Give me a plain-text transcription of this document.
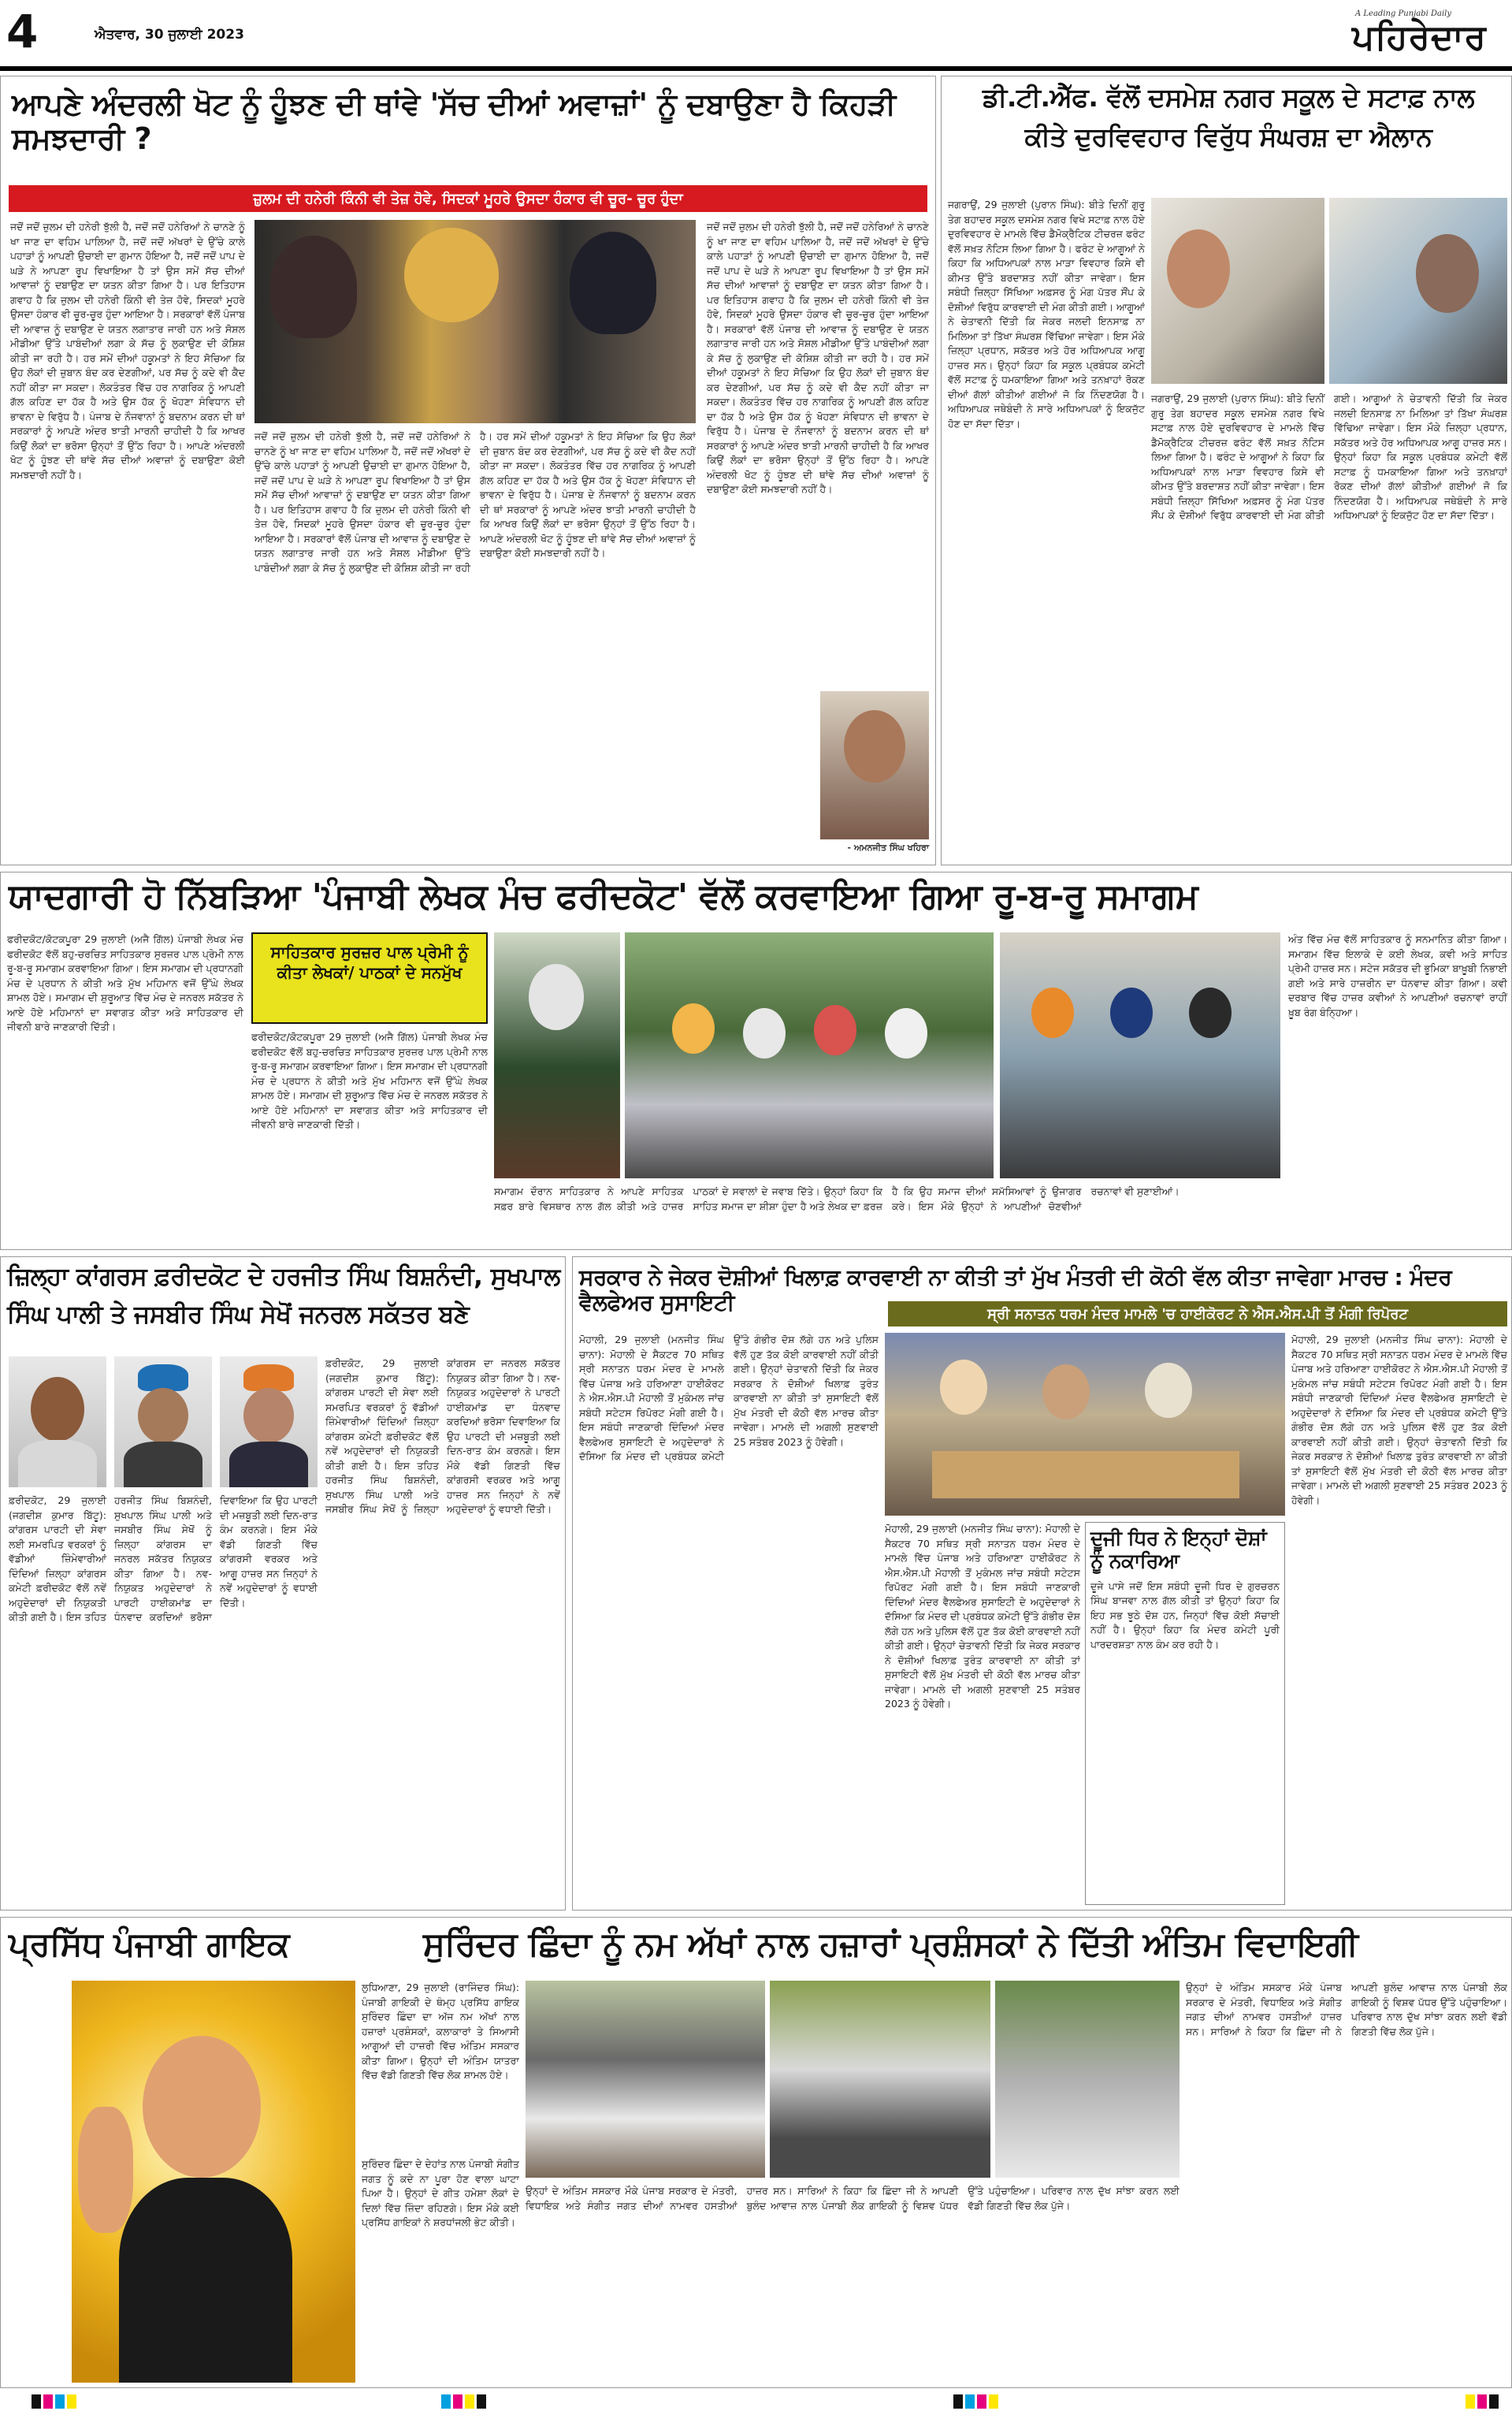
4	ਐਤਵਾਰ, 30 ਜੁਲਾਈ 2023
A Leading Punjabi Daily
ਪਹਿਰੇਦਾਰ
ਆਪਣੇ ਅੰਦਰਲੀ ਖੋਟ ਨੂੰ ਹੂੰਝਣ ਦੀ ਥਾਂਵੇ 'ਸੱਚ ਦੀਆਂ ਅਵਾਜ਼ਾਂ' ਨੂੰ ਦਬਾਉਣਾ ਹੈ ਕਿਹੜੀ ਸਮਝਦਾਰੀ ?
ਜ਼ੁਲਮ ਦੀ ਹਨੇਰੀ ਕਿੰਨੀ ਵੀ ਤੇਜ਼ ਹੋਵੇ, ਸਿਦਕਾਂ ਮੂਹਰੇ ਉਸਦਾ ਹੰਕਾਰ ਵੀ ਚੂਰ- ਚੂਰ ਹੁੰਦਾ
ਜਦੋਂ ਜਦੋਂ ਜ਼ੁਲਮ ਦੀ ਹਨੇਰੀ ਝੁੱਲੀ ਹੈ, ਜਦੋਂ ਜਦੋਂ ਹਨੇਰਿਆਂ ਨੇ ਚਾਨਣੇ ਨੂੰ ਖਾ ਜਾਣ ਦਾ ਵਹਿਮ ਪਾਲਿਆ ਹੈ, ਜਦੋਂ ਜਦੋਂ ਅੱਖਰਾਂ ਦੇ ਉੱਚੇ ਕਾਲੇ ਪਹਾੜਾਂ ਨੂੰ ਆਪਣੀ ਉਚਾਈ ਦਾ ਗੁਮਾਨ ਹੋਇਆ ਹੈ, ਜਦੋਂ ਜਦੋਂ ਪਾਪ ਦੇ ਘੜੇ ਨੇ ਆਪਣਾ ਰੂਪ ਵਿਖਾਇਆ ਹੈ ਤਾਂ ਉਸ ਸਮੇਂ ਸੱਚ ਦੀਆਂ ਆਵਾਜ਼ਾਂ ਨੂੰ ਦਬਾਉਣ ਦਾ ਯਤਨ ਕੀਤਾ ਗਿਆ ਹੈ। ਪਰ ਇਤਿਹਾਸ ਗਵਾਹ ਹੈ ਕਿ ਜ਼ੁਲਮ ਦੀ ਹਨੇਰੀ ਕਿੰਨੀ ਵੀ ਤੇਜ਼ ਹੋਵੇ, ਸਿਦਕਾਂ ਮੂਹਰੇ ਉਸਦਾ ਹੰਕਾਰ ਵੀ ਚੂਰ-ਚੂਰ ਹੁੰਦਾ ਆਇਆ ਹੈ। ਸਰਕਾਰਾਂ ਵੱਲੋਂ ਪੰਜਾਬ ਦੀ ਆਵਾਜ਼ ਨੂੰ ਦਬਾਉਣ ਦੇ ਯਤਨ ਲਗਾਤਾਰ ਜਾਰੀ ਹਨ ਅਤੇ ਸੋਸ਼ਲ ਮੀਡੀਆ ਉੱਤੇ ਪਾਬੰਦੀਆਂ ਲਗਾ ਕੇ ਸੱਚ ਨੂੰ ਲੁਕਾਉਣ ਦੀ ਕੋਸ਼ਿਸ਼ ਕੀਤੀ ਜਾ ਰਹੀ ਹੈ। ਹਰ ਸਮੇਂ ਦੀਆਂ ਹਕੂਮਤਾਂ ਨੇ ਇਹ ਸੋਚਿਆ ਕਿ ਉਹ ਲੋਕਾਂ ਦੀ ਜ਼ੁਬਾਨ ਬੰਦ ਕਰ ਦੇਣਗੀਆਂ, ਪਰ ਸੱਚ ਨੂੰ ਕਦੇ ਵੀ ਕੈਦ ਨਹੀਂ ਕੀਤਾ ਜਾ ਸਕਦਾ। ਲੋਕਤੰਤਰ ਵਿੱਚ ਹਰ ਨਾਗਰਿਕ ਨੂੰ ਆਪਣੀ ਗੱਲ ਕਹਿਣ ਦਾ ਹੱਕ ਹੈ ਅਤੇ ਉਸ ਹੱਕ ਨੂੰ ਖੋਹਣਾ ਸੰਵਿਧਾਨ ਦੀ ਭਾਵਨਾ ਦੇ ਵਿਰੁੱਧ ਹੈ। ਪੰਜਾਬ ਦੇ ਨੌਜਵਾਨਾਂ ਨੂੰ ਬਦਨਾਮ ਕਰਨ ਦੀ ਥਾਂ ਸਰਕਾਰਾਂ ਨੂੰ ਆਪਣੇ ਅੰਦਰ ਝਾਤੀ ਮਾਰਨੀ ਚਾਹੀਦੀ ਹੈ ਕਿ ਆਖਰ ਕਿਉਂ ਲੋਕਾਂ ਦਾ ਭਰੋਸਾ ਉਨ੍ਹਾਂ ਤੋਂ ਉੱਠ ਰਿਹਾ ਹੈ। ਆਪਣੇ ਅੰਦਰਲੀ ਖੋਟ ਨੂੰ ਹੂੰਝਣ ਦੀ ਥਾਂਵੇ ਸੱਚ ਦੀਆਂ ਅਵਾਜ਼ਾਂ ਨੂੰ ਦਬਾਉਣਾ ਕੋਈ ਸਮਝਦਾਰੀ ਨਹੀਂ ਹੈ।
ਜਦੋਂ ਜਦੋਂ ਜ਼ੁਲਮ ਦੀ ਹਨੇਰੀ ਝੁੱਲੀ ਹੈ, ਜਦੋਂ ਜਦੋਂ ਹਨੇਰਿਆਂ ਨੇ ਚਾਨਣੇ ਨੂੰ ਖਾ ਜਾਣ ਦਾ ਵਹਿਮ ਪਾਲਿਆ ਹੈ, ਜਦੋਂ ਜਦੋਂ ਅੱਖਰਾਂ ਦੇ ਉੱਚੇ ਕਾਲੇ ਪਹਾੜਾਂ ਨੂੰ ਆਪਣੀ ਉਚਾਈ ਦਾ ਗੁਮਾਨ ਹੋਇਆ ਹੈ, ਜਦੋਂ ਜਦੋਂ ਪਾਪ ਦੇ ਘੜੇ ਨੇ ਆਪਣਾ ਰੂਪ ਵਿਖਾਇਆ ਹੈ ਤਾਂ ਉਸ ਸਮੇਂ ਸੱਚ ਦੀਆਂ ਆਵਾਜ਼ਾਂ ਨੂੰ ਦਬਾਉਣ ਦਾ ਯਤਨ ਕੀਤਾ ਗਿਆ ਹੈ। ਪਰ ਇਤਿਹਾਸ ਗਵਾਹ ਹੈ ਕਿ ਜ਼ੁਲਮ ਦੀ ਹਨੇਰੀ ਕਿੰਨੀ ਵੀ ਤੇਜ਼ ਹੋਵੇ, ਸਿਦਕਾਂ ਮੂਹਰੇ ਉਸਦਾ ਹੰਕਾਰ ਵੀ ਚੂਰ-ਚੂਰ ਹੁੰਦਾ ਆਇਆ ਹੈ। ਸਰਕਾਰਾਂ ਵੱਲੋਂ ਪੰਜਾਬ ਦੀ ਆਵਾਜ਼ ਨੂੰ ਦਬਾਉਣ ਦੇ ਯਤਨ ਲਗਾਤਾਰ ਜਾਰੀ ਹਨ ਅਤੇ ਸੋਸ਼ਲ ਮੀਡੀਆ ਉੱਤੇ ਪਾਬੰਦੀਆਂ ਲਗਾ ਕੇ ਸੱਚ ਨੂੰ ਲੁਕਾਉਣ ਦੀ ਕੋਸ਼ਿਸ਼ ਕੀਤੀ ਜਾ ਰਹੀ ਹੈ। ਹਰ ਸਮੇਂ ਦੀਆਂ ਹਕੂਮਤਾਂ ਨੇ ਇਹ ਸੋਚਿਆ ਕਿ ਉਹ ਲੋਕਾਂ ਦੀ ਜ਼ੁਬਾਨ ਬੰਦ ਕਰ ਦੇਣਗੀਆਂ, ਪਰ ਸੱਚ ਨੂੰ ਕਦੇ ਵੀ ਕੈਦ ਨਹੀਂ ਕੀਤਾ ਜਾ ਸਕਦਾ। ਲੋਕਤੰਤਰ ਵਿੱਚ ਹਰ ਨਾਗਰਿਕ ਨੂੰ ਆਪਣੀ ਗੱਲ ਕਹਿਣ ਦਾ ਹੱਕ ਹੈ ਅਤੇ ਉਸ ਹੱਕ ਨੂੰ ਖੋਹਣਾ ਸੰਵਿਧਾਨ ਦੀ ਭਾਵਨਾ ਦੇ ਵਿਰੁੱਧ ਹੈ। ਪੰਜਾਬ ਦੇ ਨੌਜਵਾਨਾਂ ਨੂੰ ਬਦਨਾਮ ਕਰਨ ਦੀ ਥਾਂ ਸਰਕਾਰਾਂ ਨੂੰ ਆਪਣੇ ਅੰਦਰ ਝਾਤੀ ਮਾਰਨੀ ਚਾਹੀਦੀ ਹੈ ਕਿ ਆਖਰ ਕਿਉਂ ਲੋਕਾਂ ਦਾ ਭਰੋਸਾ ਉਨ੍ਹਾਂ ਤੋਂ ਉੱਠ ਰਿਹਾ ਹੈ। ਆਪਣੇ ਅੰਦਰਲੀ ਖੋਟ ਨੂੰ ਹੂੰਝਣ ਦੀ ਥਾਂਵੇ ਸੱਚ ਦੀਆਂ ਅਵਾਜ਼ਾਂ ਨੂੰ ਦਬਾਉਣਾ ਕੋਈ ਸਮਝਦਾਰੀ ਨਹੀਂ ਹੈ।
ਜਦੋਂ ਜਦੋਂ ਜ਼ੁਲਮ ਦੀ ਹਨੇਰੀ ਝੁੱਲੀ ਹੈ, ਜਦੋਂ ਜਦੋਂ ਹਨੇਰਿਆਂ ਨੇ ਚਾਨਣੇ ਨੂੰ ਖਾ ਜਾਣ ਦਾ ਵਹਿਮ ਪਾਲਿਆ ਹੈ, ਜਦੋਂ ਜਦੋਂ ਅੱਖਰਾਂ ਦੇ ਉੱਚੇ ਕਾਲੇ ਪਹਾੜਾਂ ਨੂੰ ਆਪਣੀ ਉਚਾਈ ਦਾ ਗੁਮਾਨ ਹੋਇਆ ਹੈ, ਜਦੋਂ ਜਦੋਂ ਪਾਪ ਦੇ ਘੜੇ ਨੇ ਆਪਣਾ ਰੂਪ ਵਿਖਾਇਆ ਹੈ ਤਾਂ ਉਸ ਸਮੇਂ ਸੱਚ ਦੀਆਂ ਆਵਾਜ਼ਾਂ ਨੂੰ ਦਬਾਉਣ ਦਾ ਯਤਨ ਕੀਤਾ ਗਿਆ ਹੈ। ਪਰ ਇਤਿਹਾਸ ਗਵਾਹ ਹੈ ਕਿ ਜ਼ੁਲਮ ਦੀ ਹਨੇਰੀ ਕਿੰਨੀ ਵੀ ਤੇਜ਼ ਹੋਵੇ, ਸਿਦਕਾਂ ਮੂਹਰੇ ਉਸਦਾ ਹੰਕਾਰ ਵੀ ਚੂਰ-ਚੂਰ ਹੁੰਦਾ ਆਇਆ ਹੈ। ਸਰਕਾਰਾਂ ਵੱਲੋਂ ਪੰਜਾਬ ਦੀ ਆਵਾਜ਼ ਨੂੰ ਦਬਾਉਣ ਦੇ ਯਤਨ ਲਗਾਤਾਰ ਜਾਰੀ ਹਨ ਅਤੇ ਸੋਸ਼ਲ ਮੀਡੀਆ ਉੱਤੇ ਪਾਬੰਦੀਆਂ ਲਗਾ ਕੇ ਸੱਚ ਨੂੰ ਲੁਕਾਉਣ ਦੀ ਕੋਸ਼ਿਸ਼ ਕੀਤੀ ਜਾ ਰਹੀ ਹੈ। ਹਰ ਸਮੇਂ ਦੀਆਂ ਹਕੂਮਤਾਂ ਨੇ ਇਹ ਸੋਚਿਆ ਕਿ ਉਹ ਲੋਕਾਂ ਦੀ ਜ਼ੁਬਾਨ ਬੰਦ ਕਰ ਦੇਣਗੀਆਂ, ਪਰ ਸੱਚ ਨੂੰ ਕਦੇ ਵੀ ਕੈਦ ਨਹੀਂ ਕੀਤਾ ਜਾ ਸਕਦਾ। ਲੋਕਤੰਤਰ ਵਿੱਚ ਹਰ ਨਾਗਰਿਕ ਨੂੰ ਆਪਣੀ ਗੱਲ ਕਹਿਣ ਦਾ ਹੱਕ ਹੈ ਅਤੇ ਉਸ ਹੱਕ ਨੂੰ ਖੋਹਣਾ ਸੰਵਿਧਾਨ ਦੀ ਭਾਵਨਾ ਦੇ ਵਿਰੁੱਧ ਹੈ। ਪੰਜਾਬ ਦੇ ਨੌਜਵਾਨਾਂ ਨੂੰ ਬਦਨਾਮ ਕਰਨ ਦੀ ਥਾਂ ਸਰਕਾਰਾਂ ਨੂੰ ਆਪਣੇ ਅੰਦਰ ਝਾਤੀ ਮਾਰਨੀ ਚਾਹੀਦੀ ਹੈ ਕਿ ਆਖਰ ਕਿਉਂ ਲੋਕਾਂ ਦਾ ਭਰੋਸਾ ਉਨ੍ਹਾਂ ਤੋਂ ਉੱਠ ਰਿਹਾ ਹੈ। ਆਪਣੇ ਅੰਦਰਲੀ ਖੋਟ ਨੂੰ ਹੂੰਝਣ ਦੀ ਥਾਂਵੇ ਸੱਚ ਦੀਆਂ ਅਵਾਜ਼ਾਂ ਨੂੰ ਦਬਾਉਣਾ ਕੋਈ ਸਮਝਦਾਰੀ ਨਹੀਂ ਹੈ।
- ਅਮਨਜੀਤ ਸਿੰਘ ਖਹਿਰਾ
ਡੀ.ਟੀ.ਐੱਫ. ਵੱਲੋਂ ਦਸਮੇਸ਼ ਨਗਰ ਸਕੂਲ ਦੇ ਸਟਾਫ਼ ਨਾਲ
ਕੀਤੇ ਦੁਰਵਿਵਹਾਰ ਵਿਰੁੱਧ ਸੰਘਰਸ਼ ਦਾ ਐਲਾਨ
ਜਗਰਾਉਂ, 29 ਜੁਲਾਈ (ਪੁਰਾਨ ਸਿੰਘ): ਬੀਤੇ ਦਿਨੀਂ ਗੁਰੂ ਤੇਗ ਬਹਾਦਰ ਸਕੂਲ ਦਸਮੇਸ਼ ਨਗਰ ਵਿਖੇ ਸਟਾਫ਼ ਨਾਲ ਹੋਏ ਦੁਰਵਿਵਹਾਰ ਦੇ ਮਾਮਲੇ ਵਿੱਚ ਡੈਮੋਕ੍ਰੈਟਿਕ ਟੀਚਰਜ਼ ਫਰੰਟ ਵੱਲੋਂ ਸਖ਼ਤ ਨੋਟਿਸ ਲਿਆ ਗਿਆ ਹੈ। ਫਰੰਟ ਦੇ ਆਗੂਆਂ ਨੇ ਕਿਹਾ ਕਿ ਅਧਿਆਪਕਾਂ ਨਾਲ ਮਾੜਾ ਵਿਵਹਾਰ ਕਿਸੇ ਵੀ ਕੀਮਤ ਉੱਤੇ ਬਰਦਾਸ਼ਤ ਨਹੀਂ ਕੀਤਾ ਜਾਵੇਗਾ। ਇਸ ਸਬੰਧੀ ਜ਼ਿਲ੍ਹਾ ਸਿੱਖਿਆ ਅਫ਼ਸਰ ਨੂੰ ਮੰਗ ਪੱਤਰ ਸੌਂਪ ਕੇ ਦੋਸ਼ੀਆਂ ਵਿਰੁੱਧ ਕਾਰਵਾਈ ਦੀ ਮੰਗ ਕੀਤੀ ਗਈ। ਆਗੂਆਂ ਨੇ ਚੇਤਾਵਨੀ ਦਿੱਤੀ ਕਿ ਜੇਕਰ ਜਲਦੀ ਇਨਸਾਫ਼ ਨਾ ਮਿਲਿਆ ਤਾਂ ਤਿੱਖਾ ਸੰਘਰਸ਼ ਵਿੱਢਿਆ ਜਾਵੇਗਾ। ਇਸ ਮੌਕੇ ਜ਼ਿਲ੍ਹਾ ਪ੍ਰਧਾਨ, ਸਕੱਤਰ ਅਤੇ ਹੋਰ ਅਧਿਆਪਕ ਆਗੂ ਹਾਜ਼ਰ ਸਨ। ਉਨ੍ਹਾਂ ਕਿਹਾ ਕਿ ਸਕੂਲ ਪ੍ਰਬੰਧਕ ਕਮੇਟੀ ਵੱਲੋਂ ਸਟਾਫ਼ ਨੂੰ ਧਮਕਾਇਆ ਗਿਆ ਅਤੇ ਤਨਖ਼ਾਹਾਂ ਰੋਕਣ ਦੀਆਂ ਗੱਲਾਂ ਕੀਤੀਆਂ ਗਈਆਂ ਜੋ ਕਿ ਨਿੰਦਣਯੋਗ ਹੈ। ਅਧਿਆਪਕ ਜਥੇਬੰਦੀ ਨੇ ਸਾਰੇ ਅਧਿਆਪਕਾਂ ਨੂੰ ਇਕਜੁੱਟ ਹੋਣ ਦਾ ਸੱਦਾ ਦਿੱਤਾ।
ਜਗਰਾਉਂ, 29 ਜੁਲਾਈ (ਪੁਰਾਨ ਸਿੰਘ): ਬੀਤੇ ਦਿਨੀਂ ਗੁਰੂ ਤੇਗ ਬਹਾਦਰ ਸਕੂਲ ਦਸਮੇਸ਼ ਨਗਰ ਵਿਖੇ ਸਟਾਫ਼ ਨਾਲ ਹੋਏ ਦੁਰਵਿਵਹਾਰ ਦੇ ਮਾਮਲੇ ਵਿੱਚ ਡੈਮੋਕ੍ਰੈਟਿਕ ਟੀਚਰਜ਼ ਫਰੰਟ ਵੱਲੋਂ ਸਖ਼ਤ ਨੋਟਿਸ ਲਿਆ ਗਿਆ ਹੈ। ਫਰੰਟ ਦੇ ਆਗੂਆਂ ਨੇ ਕਿਹਾ ਕਿ ਅਧਿਆਪਕਾਂ ਨਾਲ ਮਾੜਾ ਵਿਵਹਾਰ ਕਿਸੇ ਵੀ ਕੀਮਤ ਉੱਤੇ ਬਰਦਾਸ਼ਤ ਨਹੀਂ ਕੀਤਾ ਜਾਵੇਗਾ। ਇਸ ਸਬੰਧੀ ਜ਼ਿਲ੍ਹਾ ਸਿੱਖਿਆ ਅਫ਼ਸਰ ਨੂੰ ਮੰਗ ਪੱਤਰ ਸੌਂਪ ਕੇ ਦੋਸ਼ੀਆਂ ਵਿਰੁੱਧ ਕਾਰਵਾਈ ਦੀ ਮੰਗ ਕੀਤੀ ਗਈ। ਆਗੂਆਂ ਨੇ ਚੇਤਾਵਨੀ ਦਿੱਤੀ ਕਿ ਜੇਕਰ ਜਲਦੀ ਇਨਸਾਫ਼ ਨਾ ਮਿਲਿਆ ਤਾਂ ਤਿੱਖਾ ਸੰਘਰਸ਼ ਵਿੱਢਿਆ ਜਾਵੇਗਾ। ਇਸ ਮੌਕੇ ਜ਼ਿਲ੍ਹਾ ਪ੍ਰਧਾਨ, ਸਕੱਤਰ ਅਤੇ ਹੋਰ ਅਧਿਆਪਕ ਆਗੂ ਹਾਜ਼ਰ ਸਨ। ਉਨ੍ਹਾਂ ਕਿਹਾ ਕਿ ਸਕੂਲ ਪ੍ਰਬੰਧਕ ਕਮੇਟੀ ਵੱਲੋਂ ਸਟਾਫ਼ ਨੂੰ ਧਮਕਾਇਆ ਗਿਆ ਅਤੇ ਤਨਖ਼ਾਹਾਂ ਰੋਕਣ ਦੀਆਂ ਗੱਲਾਂ ਕੀਤੀਆਂ ਗਈਆਂ ਜੋ ਕਿ ਨਿੰਦਣਯੋਗ ਹੈ। ਅਧਿਆਪਕ ਜਥੇਬੰਦੀ ਨੇ ਸਾਰੇ ਅਧਿਆਪਕਾਂ ਨੂੰ ਇਕਜੁੱਟ ਹੋਣ ਦਾ ਸੱਦਾ ਦਿੱਤਾ।
ਯਾਦਗਾਰੀ ਹੋ ਨਿੱਬੜਿਆ 'ਪੰਜਾਬੀ ਲੇਖਕ ਮੰਚ ਫਰੀਦਕੋਟ' ਵੱਲੋਂ ਕਰਵਾਇਆ ਗਿਆ ਰੂ-ਬ-ਰੂ ਸਮਾਗਮ
ਫਰੀਦਕੋਟ/ਕੋਟਕਪੂਰਾ 29 ਜੁਲਾਈ (ਅਜੈ ਗਿੱਲ) ਪੰਜਾਬੀ ਲੇਖਕ ਮੰਚ ਫਰੀਦਕੋਟ ਵੱਲੋਂ ਬਹੁ-ਚਰਚਿਤ ਸਾਹਿਤਕਾਰ ਸੁਰਜ਼ਰ ਪਾਲ ਪ੍ਰੇਮੀ ਨਾਲ ਰੂ-ਬ-ਰੂ ਸਮਾਗਮ ਕਰਵਾਇਆ ਗਿਆ। ਇਸ ਸਮਾਗਮ ਦੀ ਪ੍ਰਧਾਨਗੀ ਮੰਚ ਦੇ ਪ੍ਰਧਾਨ ਨੇ ਕੀਤੀ ਅਤੇ ਮੁੱਖ ਮਹਿਮਾਨ ਵਜੋਂ ਉੱਘੇ ਲੇਖਕ ਸ਼ਾਮਲ ਹੋਏ। ਸਮਾਗਮ ਦੀ ਸ਼ੁਰੂਆਤ ਵਿੱਚ ਮੰਚ ਦੇ ਜਨਰਲ ਸਕੱਤਰ ਨੇ ਆਏ ਹੋਏ ਮਹਿਮਾਨਾਂ ਦਾ ਸਵਾਗਤ ਕੀਤਾ ਅਤੇ ਸਾਹਿਤਕਾਰ ਦੀ ਜੀਵਨੀ ਬਾਰੇ ਜਾਣਕਾਰੀ ਦਿੱਤੀ।
ਸਾਹਿਤਕਾਰ ਸੁਰਜ਼ਰ ਪਾਲ ਪ੍ਰੇਮੀ ਨੂੰ ਕੀਤਾ ਲੇਖਕਾਂ/ ਪਾਠਕਾਂ ਦੇ ਸਨਮੁੱਖ
ਫਰੀਦਕੋਟ/ਕੋਟਕਪੂਰਾ 29 ਜੁਲਾਈ (ਅਜੈ ਗਿੱਲ) ਪੰਜਾਬੀ ਲੇਖਕ ਮੰਚ ਫਰੀਦਕੋਟ ਵੱਲੋਂ ਬਹੁ-ਚਰਚਿਤ ਸਾਹਿਤਕਾਰ ਸੁਰਜ਼ਰ ਪਾਲ ਪ੍ਰੇਮੀ ਨਾਲ ਰੂ-ਬ-ਰੂ ਸਮਾਗਮ ਕਰਵਾਇਆ ਗਿਆ। ਇਸ ਸਮਾਗਮ ਦੀ ਪ੍ਰਧਾਨਗੀ ਮੰਚ ਦੇ ਪ੍ਰਧਾਨ ਨੇ ਕੀਤੀ ਅਤੇ ਮੁੱਖ ਮਹਿਮਾਨ ਵਜੋਂ ਉੱਘੇ ਲੇਖਕ ਸ਼ਾਮਲ ਹੋਏ। ਸਮਾਗਮ ਦੀ ਸ਼ੁਰੂਆਤ ਵਿੱਚ ਮੰਚ ਦੇ ਜਨਰਲ ਸਕੱਤਰ ਨੇ ਆਏ ਹੋਏ ਮਹਿਮਾਨਾਂ ਦਾ ਸਵਾਗਤ ਕੀਤਾ ਅਤੇ ਸਾਹਿਤਕਾਰ ਦੀ ਜੀਵਨੀ ਬਾਰੇ ਜਾਣਕਾਰੀ ਦਿੱਤੀ।
ਸਮਾਗਮ ਦੌਰਾਨ ਸਾਹਿਤਕਾਰ ਨੇ ਆਪਣੇ ਸਾਹਿਤਕ ਸਫ਼ਰ ਬਾਰੇ ਵਿਸਥਾਰ ਨਾਲ ਗੱਲ ਕੀਤੀ ਅਤੇ ਹਾਜ਼ਰ ਪਾਠਕਾਂ ਦੇ ਸਵਾਲਾਂ ਦੇ ਜਵਾਬ ਦਿੱਤੇ। ਉਨ੍ਹਾਂ ਕਿਹਾ ਕਿ ਸਾਹਿਤ ਸਮਾਜ ਦਾ ਸ਼ੀਸ਼ਾ ਹੁੰਦਾ ਹੈ ਅਤੇ ਲੇਖਕ ਦਾ ਫ਼ਰਜ਼ ਹੈ ਕਿ ਉਹ ਸਮਾਜ ਦੀਆਂ ਸਮੱਸਿਆਵਾਂ ਨੂੰ ਉਜਾਗਰ ਕਰੇ। ਇਸ ਮੌਕੇ ਉਨ੍ਹਾਂ ਨੇ ਆਪਣੀਆਂ ਚੋਣਵੀਆਂ ਰਚਨਾਵਾਂ ਵੀ ਸੁਣਾਈਆਂ।
ਅੰਤ ਵਿੱਚ ਮੰਚ ਵੱਲੋਂ ਸਾਹਿਤਕਾਰ ਨੂੰ ਸਨਮਾਨਿਤ ਕੀਤਾ ਗਿਆ। ਸਮਾਗਮ ਵਿੱਚ ਇਲਾਕੇ ਦੇ ਕਈ ਲੇਖਕ, ਕਵੀ ਅਤੇ ਸਾਹਿਤ ਪ੍ਰੇਮੀ ਹਾਜ਼ਰ ਸਨ। ਸਟੇਜ ਸਕੱਤਰ ਦੀ ਭੂਮਿਕਾ ਬਾਖ਼ੂਬੀ ਨਿਭਾਈ ਗਈ ਅਤੇ ਸਾਰੇ ਹਾਜ਼ਰੀਨ ਦਾ ਧੰਨਵਾਦ ਕੀਤਾ ਗਿਆ। ਕਵੀ ਦਰਬਾਰ ਵਿੱਚ ਹਾਜ਼ਰ ਕਵੀਆਂ ਨੇ ਆਪਣੀਆਂ ਰਚਨਾਵਾਂ ਰਾਹੀਂ ਖ਼ੂਬ ਰੰਗ ਬੰਨ੍ਹਿਆ।
ਜ਼ਿਲ੍ਹਾ ਕਾਂਗਰਸ ਫ਼ਰੀਦਕੋਟ ਦੇ ਹਰਜੀਤ ਸਿੰਘ ਬਿਸ਼ਨੰਦੀ, ਸੁਖਪਾਲ
ਸਿੰਘ ਪਾਲੀ ਤੇ ਜਸਬੀਰ ਸਿੰਘ ਸੇਖੋਂ ਜਨਰਲ ਸਕੱਤਰ ਬਣੇ
ਫ਼ਰੀਦਕੋਟ, 29 ਜੁਲਾਈ (ਜਗਦੀਸ਼ ਕੁਮਾਰ ਬਿੱਟੂ): ਕਾਂਗਰਸ ਪਾਰਟੀ ਦੀ ਸੇਵਾ ਲਈ ਸਮਰਪਿਤ ਵਰਕਰਾਂ ਨੂੰ ਵੱਡੀਆਂ ਜ਼ਿੰਮੇਵਾਰੀਆਂ ਦਿੰਦਿਆਂ ਜ਼ਿਲ੍ਹਾ ਕਾਂਗਰਸ ਕਮੇਟੀ ਫ਼ਰੀਦਕੋਟ ਵੱਲੋਂ ਨਵੇਂ ਅਹੁਦੇਦਾਰਾਂ ਦੀ ਨਿਯੁਕਤੀ ਕੀਤੀ ਗਈ ਹੈ। ਇਸ ਤਹਿਤ ਹਰਜੀਤ ਸਿੰਘ ਬਿਸ਼ਨੰਦੀ, ਸੁਖਪਾਲ ਸਿੰਘ ਪਾਲੀ ਅਤੇ ਜਸਬੀਰ ਸਿੰਘ ਸੇਖੋਂ ਨੂੰ ਜ਼ਿਲ੍ਹਾ ਕਾਂਗਰਸ ਦਾ ਜਨਰਲ ਸਕੱਤਰ ਨਿਯੁਕਤ ਕੀਤਾ ਗਿਆ ਹੈ। ਨਵ-ਨਿਯੁਕਤ ਅਹੁਦੇਦਾਰਾਂ ਨੇ ਪਾਰਟੀ ਹਾਈਕਮਾਂਡ ਦਾ ਧੰਨਵਾਦ ਕਰਦਿਆਂ ਭਰੋਸਾ ਦਿਵਾਇਆ ਕਿ ਉਹ ਪਾਰਟੀ ਦੀ ਮਜ਼ਬੂਤੀ ਲਈ ਦਿਨ-ਰਾਤ ਕੰਮ ਕਰਨਗੇ। ਇਸ ਮੌਕੇ ਵੱਡੀ ਗਿਣਤੀ ਵਿੱਚ ਕਾਂਗਰਸੀ ਵਰਕਰ ਅਤੇ ਆਗੂ ਹਾਜ਼ਰ ਸਨ ਜਿਨ੍ਹਾਂ ਨੇ ਨਵੇਂ ਅਹੁਦੇਦਾਰਾਂ ਨੂੰ ਵਧਾਈ ਦਿੱਤੀ।
ਫ਼ਰੀਦਕੋਟ, 29 ਜੁਲਾਈ (ਜਗਦੀਸ਼ ਕੁਮਾਰ ਬਿੱਟੂ): ਕਾਂਗਰਸ ਪਾਰਟੀ ਦੀ ਸੇਵਾ ਲਈ ਸਮਰਪਿਤ ਵਰਕਰਾਂ ਨੂੰ ਵੱਡੀਆਂ ਜ਼ਿੰਮੇਵਾਰੀਆਂ ਦਿੰਦਿਆਂ ਜ਼ਿਲ੍ਹਾ ਕਾਂਗਰਸ ਕਮੇਟੀ ਫ਼ਰੀਦਕੋਟ ਵੱਲੋਂ ਨਵੇਂ ਅਹੁਦੇਦਾਰਾਂ ਦੀ ਨਿਯੁਕਤੀ ਕੀਤੀ ਗਈ ਹੈ। ਇਸ ਤਹਿਤ ਹਰਜੀਤ ਸਿੰਘ ਬਿਸ਼ਨੰਦੀ, ਸੁਖਪਾਲ ਸਿੰਘ ਪਾਲੀ ਅਤੇ ਜਸਬੀਰ ਸਿੰਘ ਸੇਖੋਂ ਨੂੰ ਜ਼ਿਲ੍ਹਾ ਕਾਂਗਰਸ ਦਾ ਜਨਰਲ ਸਕੱਤਰ ਨਿਯੁਕਤ ਕੀਤਾ ਗਿਆ ਹੈ। ਨਵ-ਨਿਯੁਕਤ ਅਹੁਦੇਦਾਰਾਂ ਨੇ ਪਾਰਟੀ ਹਾਈਕਮਾਂਡ ਦਾ ਧੰਨਵਾਦ ਕਰਦਿਆਂ ਭਰੋਸਾ ਦਿਵਾਇਆ ਕਿ ਉਹ ਪਾਰਟੀ ਦੀ ਮਜ਼ਬੂਤੀ ਲਈ ਦਿਨ-ਰਾਤ ਕੰਮ ਕਰਨਗੇ। ਇਸ ਮੌਕੇ ਵੱਡੀ ਗਿਣਤੀ ਵਿੱਚ ਕਾਂਗਰਸੀ ਵਰਕਰ ਅਤੇ ਆਗੂ ਹਾਜ਼ਰ ਸਨ ਜਿਨ੍ਹਾਂ ਨੇ ਨਵੇਂ ਅਹੁਦੇਦਾਰਾਂ ਨੂੰ ਵਧਾਈ ਦਿੱਤੀ।
ਸਰਕਾਰ ਨੇ ਜੇਕਰ ਦੋਸ਼ੀਆਂ ਖਿਲਾਫ਼ ਕਾਰਵਾਈ ਨਾ ਕੀਤੀ ਤਾਂ ਮੁੱਖ ਮੰਤਰੀ ਦੀ ਕੋਠੀ ਵੱਲ ਕੀਤਾ ਜਾਵੇਗਾ ਮਾਰਚ : ਮੰਦਰ ਵੈਲਫੇਅਰ ਸੁਸਾਇਟੀ	ਸ੍ਰੀ ਸਨਾਤਨ ਧਰਮ ਮੰਦਰ ਮਾਮਲੇ 'ਚ ਹਾਈਕੋਰਟ ਨੇ ਐਸ.ਐਸ.ਪੀ ਤੋਂ ਮੰਗੀ ਰਿਪੋਰਟ
ਮੋਹਾਲੀ, 29 ਜੁਲਾਈ (ਮਨਜੀਤ ਸਿੰਘ ਚਾਨਾ): ਮੋਹਾਲੀ ਦੇ ਸੈਕਟਰ 70 ਸਥਿਤ ਸ੍ਰੀ ਸਨਾਤਨ ਧਰਮ ਮੰਦਰ ਦੇ ਮਾਮਲੇ ਵਿੱਚ ਪੰਜਾਬ ਅਤੇ ਹਰਿਆਣਾ ਹਾਈਕੋਰਟ ਨੇ ਐਸ.ਐਸ.ਪੀ ਮੋਹਾਲੀ ਤੋਂ ਮੁਕੰਮਲ ਜਾਂਚ ਸਬੰਧੀ ਸਟੇਟਸ ਰਿਪੋਰਟ ਮੰਗੀ ਗਈ ਹੈ। ਇਸ ਸਬੰਧੀ ਜਾਣਕਾਰੀ ਦਿੰਦਿਆਂ ਮੰਦਰ ਵੈਲਫੇਅਰ ਸੁਸਾਇਟੀ ਦੇ ਅਹੁਦੇਦਾਰਾਂ ਨੇ ਦੱਸਿਆ ਕਿ ਮੰਦਰ ਦੀ ਪ੍ਰਬੰਧਕ ਕਮੇਟੀ ਉੱਤੇ ਗੰਭੀਰ ਦੋਸ਼ ਲੱਗੇ ਹਨ ਅਤੇ ਪੁਲਿਸ ਵੱਲੋਂ ਹੁਣ ਤੱਕ ਕੋਈ ਕਾਰਵਾਈ ਨਹੀਂ ਕੀਤੀ ਗਈ। ਉਨ੍ਹਾਂ ਚੇਤਾਵਨੀ ਦਿੱਤੀ ਕਿ ਜੇਕਰ ਸਰਕਾਰ ਨੇ ਦੋਸ਼ੀਆਂ ਖਿਲਾਫ਼ ਤੁਰੰਤ ਕਾਰਵਾਈ ਨਾ ਕੀਤੀ ਤਾਂ ਸੁਸਾਇਟੀ ਵੱਲੋਂ ਮੁੱਖ ਮੰਤਰੀ ਦੀ ਕੋਠੀ ਵੱਲ ਮਾਰਚ ਕੀਤਾ ਜਾਵੇਗਾ। ਮਾਮਲੇ ਦੀ ਅਗਲੀ ਸੁਣਵਾਈ 25 ਸਤੰਬਰ 2023 ਨੂੰ ਹੋਵੇਗੀ।
ਮੋਹਾਲੀ, 29 ਜੁਲਾਈ (ਮਨਜੀਤ ਸਿੰਘ ਚਾਨਾ): ਮੋਹਾਲੀ ਦੇ ਸੈਕਟਰ 70 ਸਥਿਤ ਸ੍ਰੀ ਸਨਾਤਨ ਧਰਮ ਮੰਦਰ ਦੇ ਮਾਮਲੇ ਵਿੱਚ ਪੰਜਾਬ ਅਤੇ ਹਰਿਆਣਾ ਹਾਈਕੋਰਟ ਨੇ ਐਸ.ਐਸ.ਪੀ ਮੋਹਾਲੀ ਤੋਂ ਮੁਕੰਮਲ ਜਾਂਚ ਸਬੰਧੀ ਸਟੇਟਸ ਰਿਪੋਰਟ ਮੰਗੀ ਗਈ ਹੈ। ਇਸ ਸਬੰਧੀ ਜਾਣਕਾਰੀ ਦਿੰਦਿਆਂ ਮੰਦਰ ਵੈਲਫੇਅਰ ਸੁਸਾਇਟੀ ਦੇ ਅਹੁਦੇਦਾਰਾਂ ਨੇ ਦੱਸਿਆ ਕਿ ਮੰਦਰ ਦੀ ਪ੍ਰਬੰਧਕ ਕਮੇਟੀ ਉੱਤੇ ਗੰਭੀਰ ਦੋਸ਼ ਲੱਗੇ ਹਨ ਅਤੇ ਪੁਲਿਸ ਵੱਲੋਂ ਹੁਣ ਤੱਕ ਕੋਈ ਕਾਰਵਾਈ ਨਹੀਂ ਕੀਤੀ ਗਈ। ਉਨ੍ਹਾਂ ਚੇਤਾਵਨੀ ਦਿੱਤੀ ਕਿ ਜੇਕਰ ਸਰਕਾਰ ਨੇ ਦੋਸ਼ੀਆਂ ਖਿਲਾਫ਼ ਤੁਰੰਤ ਕਾਰਵਾਈ ਨਾ ਕੀਤੀ ਤਾਂ ਸੁਸਾਇਟੀ ਵੱਲੋਂ ਮੁੱਖ ਮੰਤਰੀ ਦੀ ਕੋਠੀ ਵੱਲ ਮਾਰਚ ਕੀਤਾ ਜਾਵੇਗਾ। ਮਾਮਲੇ ਦੀ ਅਗਲੀ ਸੁਣਵਾਈ 25 ਸਤੰਬਰ 2023 ਨੂੰ ਹੋਵੇਗੀ।
ਦੂਜੀ ਧਿਰ ਨੇ ਇਨ੍ਹਾਂ ਦੋਸ਼ਾਂ ਨੂੰ ਨਕਾਰਿਆ
ਦੂਜੇ ਪਾਸੇ ਜਦੋਂ ਇਸ ਸਬੰਧੀ ਦੂਜੀ ਧਿਰ ਦੇ ਗੁਰਚਰਨ ਸਿੰਘ ਬਾਜਵਾ ਨਾਲ ਗੱਲ ਕੀਤੀ ਤਾਂ ਉਨ੍ਹਾਂ ਕਿਹਾ ਕਿ ਇਹ ਸਭ ਝੂਠੇ ਦੋਸ਼ ਹਨ, ਜਿਨ੍ਹਾਂ ਵਿੱਚ ਕੋਈ ਸੱਚਾਈ ਨਹੀਂ ਹੈ। ਉਨ੍ਹਾਂ ਕਿਹਾ ਕਿ ਮੰਦਰ ਕਮੇਟੀ ਪੂਰੀ ਪਾਰਦਰਸ਼ਤਾ ਨਾਲ ਕੰਮ ਕਰ ਰਹੀ ਹੈ।
ਮੋਹਾਲੀ, 29 ਜੁਲਾਈ (ਮਨਜੀਤ ਸਿੰਘ ਚਾਨਾ): ਮੋਹਾਲੀ ਦੇ ਸੈਕਟਰ 70 ਸਥਿਤ ਸ੍ਰੀ ਸਨਾਤਨ ਧਰਮ ਮੰਦਰ ਦੇ ਮਾਮਲੇ ਵਿੱਚ ਪੰਜਾਬ ਅਤੇ ਹਰਿਆਣਾ ਹਾਈਕੋਰਟ ਨੇ ਐਸ.ਐਸ.ਪੀ ਮੋਹਾਲੀ ਤੋਂ ਮੁਕੰਮਲ ਜਾਂਚ ਸਬੰਧੀ ਸਟੇਟਸ ਰਿਪੋਰਟ ਮੰਗੀ ਗਈ ਹੈ। ਇਸ ਸਬੰਧੀ ਜਾਣਕਾਰੀ ਦਿੰਦਿਆਂ ਮੰਦਰ ਵੈਲਫੇਅਰ ਸੁਸਾਇਟੀ ਦੇ ਅਹੁਦੇਦਾਰਾਂ ਨੇ ਦੱਸਿਆ ਕਿ ਮੰਦਰ ਦੀ ਪ੍ਰਬੰਧਕ ਕਮੇਟੀ ਉੱਤੇ ਗੰਭੀਰ ਦੋਸ਼ ਲੱਗੇ ਹਨ ਅਤੇ ਪੁਲਿਸ ਵੱਲੋਂ ਹੁਣ ਤੱਕ ਕੋਈ ਕਾਰਵਾਈ ਨਹੀਂ ਕੀਤੀ ਗਈ। ਉਨ੍ਹਾਂ ਚੇਤਾਵਨੀ ਦਿੱਤੀ ਕਿ ਜੇਕਰ ਸਰਕਾਰ ਨੇ ਦੋਸ਼ੀਆਂ ਖਿਲਾਫ਼ ਤੁਰੰਤ ਕਾਰਵਾਈ ਨਾ ਕੀਤੀ ਤਾਂ ਸੁਸਾਇਟੀ ਵੱਲੋਂ ਮੁੱਖ ਮੰਤਰੀ ਦੀ ਕੋਠੀ ਵੱਲ ਮਾਰਚ ਕੀਤਾ ਜਾਵੇਗਾ। ਮਾਮਲੇ ਦੀ ਅਗਲੀ ਸੁਣਵਾਈ 25 ਸਤੰਬਰ 2023 ਨੂੰ ਹੋਵੇਗੀ।
ਪ੍ਰਸਿੱਧ ਪੰਜਾਬੀ ਗਾਇਕ	ਸੁਰਿੰਦਰ ਛਿੰਦਾ ਨੂੰ ਨਮ ਅੱਖਾਂ ਨਾਲ ਹਜ਼ਾਰਾਂ ਪ੍ਰਸ਼ੰਸਕਾਂ ਨੇ ਦਿੱਤੀ ਅੰਤਿਮ ਵਿਦਾਇਗੀ
ਲੁਧਿਆਣਾ, 29 ਜੁਲਾਈ (ਰਾਜਿੰਦਰ ਸਿੰਘ): ਪੰਜਾਬੀ ਗਾਇਕੀ ਦੇ ਥੰਮ੍ਹ ਪ੍ਰਸਿੱਧ ਗਾਇਕ ਸੁਰਿੰਦਰ ਛਿੰਦਾ ਦਾ ਅੱਜ ਨਮ ਅੱਖਾਂ ਨਾਲ ਹਜ਼ਾਰਾਂ ਪ੍ਰਸ਼ੰਸਕਾਂ, ਕਲਾਕਾਰਾਂ ਤੇ ਸਿਆਸੀ ਆਗੂਆਂ ਦੀ ਹਾਜ਼ਰੀ ਵਿੱਚ ਅੰਤਿਮ ਸਸਕਾਰ ਕੀਤਾ ਗਿਆ। ਉਨ੍ਹਾਂ ਦੀ ਅੰਤਿਮ ਯਾਤਰਾ ਵਿੱਚ ਵੱਡੀ ਗਿਣਤੀ ਵਿੱਚ ਲੋਕ ਸ਼ਾਮਲ ਹੋਏ।
ਸੁਰਿੰਦਰ ਛਿੰਦਾ ਦੇ ਦੇਹਾਂਤ ਨਾਲ ਪੰਜਾਬੀ ਸੰਗੀਤ ਜਗਤ ਨੂੰ ਕਦੇ ਨਾ ਪੂਰਾ ਹੋਣ ਵਾਲਾ ਘਾਟਾ ਪਿਆ ਹੈ। ਉਨ੍ਹਾਂ ਦੇ ਗੀਤ ਹਮੇਸ਼ਾ ਲੋਕਾਂ ਦੇ ਦਿਲਾਂ ਵਿੱਚ ਜ਼ਿੰਦਾ ਰਹਿਣਗੇ। ਇਸ ਮੌਕੇ ਕਈ ਪ੍ਰਸਿੱਧ ਗਾਇਕਾਂ ਨੇ ਸ਼ਰਧਾਂਜਲੀ ਭੇਟ ਕੀਤੀ।
ਉਨ੍ਹਾਂ ਦੇ ਅੰਤਿਮ ਸਸਕਾਰ ਮੌਕੇ ਪੰਜਾਬ ਸਰਕਾਰ ਦੇ ਮੰਤਰੀ, ਵਿਧਾਇਕ ਅਤੇ ਸੰਗੀਤ ਜਗਤ ਦੀਆਂ ਨਾਮਵਰ ਹਸਤੀਆਂ ਹਾਜ਼ਰ ਸਨ। ਸਾਰਿਆਂ ਨੇ ਕਿਹਾ ਕਿ ਛਿੰਦਾ ਜੀ ਨੇ ਆਪਣੀ ਬੁਲੰਦ ਆਵਾਜ਼ ਨਾਲ ਪੰਜਾਬੀ ਲੋਕ ਗਾਇਕੀ ਨੂੰ ਵਿਸ਼ਵ ਪੱਧਰ ਉੱਤੇ ਪਹੁੰਚਾਇਆ। ਪਰਿਵਾਰ ਨਾਲ ਦੁੱਖ ਸਾਂਝਾ ਕਰਨ ਲਈ ਵੱਡੀ ਗਿਣਤੀ ਵਿੱਚ ਲੋਕ ਪੁੱਜੇ।
ਉਨ੍ਹਾਂ ਦੇ ਅੰਤਿਮ ਸਸਕਾਰ ਮੌਕੇ ਪੰਜਾਬ ਸਰਕਾਰ ਦੇ ਮੰਤਰੀ, ਵਿਧਾਇਕ ਅਤੇ ਸੰਗੀਤ ਜਗਤ ਦੀਆਂ ਨਾਮਵਰ ਹਸਤੀਆਂ ਹਾਜ਼ਰ ਸਨ। ਸਾਰਿਆਂ ਨੇ ਕਿਹਾ ਕਿ ਛਿੰਦਾ ਜੀ ਨੇ ਆਪਣੀ ਬੁਲੰਦ ਆਵਾਜ਼ ਨਾਲ ਪੰਜਾਬੀ ਲੋਕ ਗਾਇਕੀ ਨੂੰ ਵਿਸ਼ਵ ਪੱਧਰ ਉੱਤੇ ਪਹੁੰਚਾਇਆ। ਪਰਿਵਾਰ ਨਾਲ ਦੁੱਖ ਸਾਂਝਾ ਕਰਨ ਲਈ ਵੱਡੀ ਗਿਣਤੀ ਵਿੱਚ ਲੋਕ ਪੁੱਜੇ।
